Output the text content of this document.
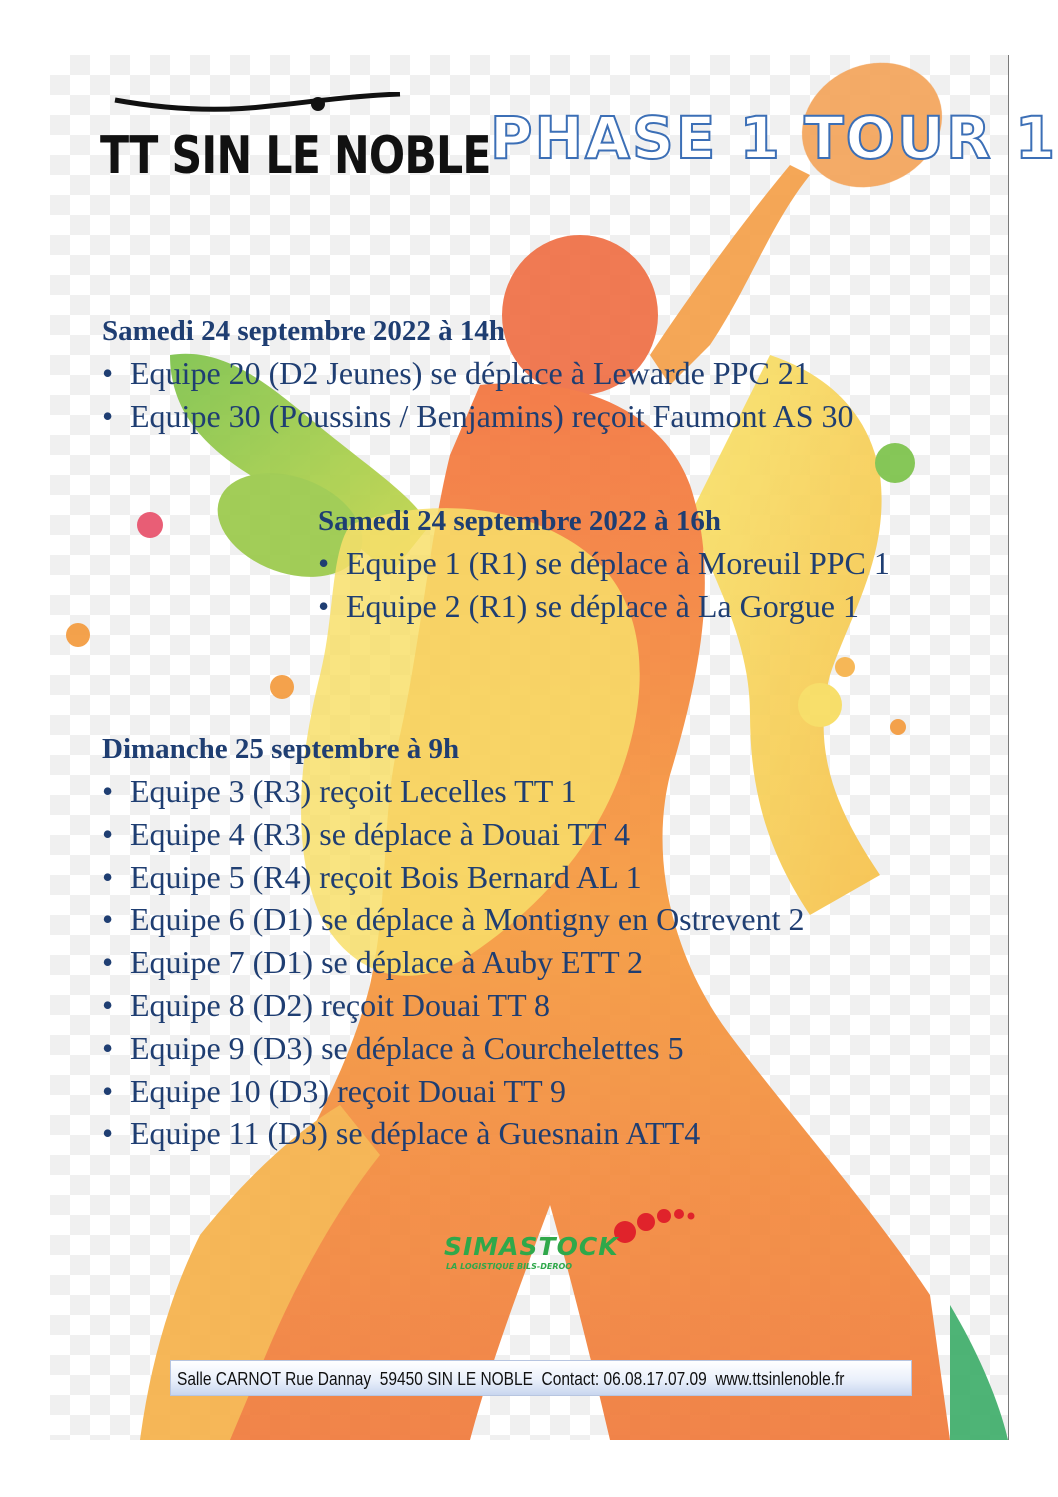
TT SIN LE NOBLE PHASE 1 TOUR 1
Samedi 24 septembre 2022 à 14h
• Equipe 20 (D2 Jeunes) se déplace à Lewarde PPC 21
• Equipe 30 (Poussins / Benjamins) reçoit Faumont AS 30
Samedi 24 septembre 2022 à 16h
• Equipe 1 (R1) se déplace à Moreuil PPC 1
• Equipe 2 (R1) se déplace à La Gorgue 1
Dimanche 25 septembre à 9h
• Equipe 3 (R3) reçoit Lecelles TT 1
• Equipe 4 (R3) se déplace à Douai TT 4
• Equipe 5 (R4) reçoit Bois Bernard AL 1
• Equipe 6 (D1) se déplace à Montigny en Ostrevent 2
• Equipe 7 (D1) se déplace à Auby ETT 2
• Equipe 8 (D2) reçoit Douai TT 8
• Equipe 9 (D3) se déplace à Courchelettes 5
• Equipe 10 (D3) reçoit Douai TT 9
• Equipe 11 (D3) se déplace à Guesnain ATT4
SIMASTOCK
LA LOGISTIQUE BILS-DEROO
Salle CARNOT Rue Dannay  59450 SIN LE NOBLE  Contact: 06.08.17.07.09  www.ttsinlenoble.fr
